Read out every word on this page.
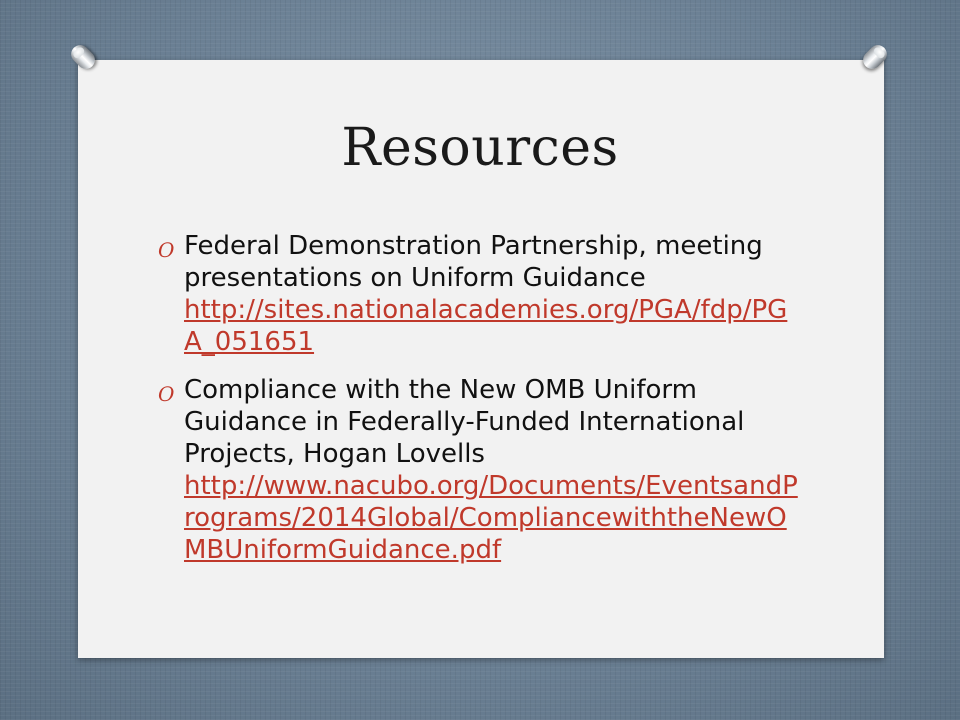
Resources
O Federal Demonstration Partnership, meeting presentations on Uniform Guidance
http://sites.nationalacademies.org/PGA/fdp/PGA_051651
O Compliance with the New OMB Uniform Guidance in Federally-Funded International Projects, Hogan Lovells
http://www.nacubo.org/Documents/EventsandPrograms/2014Global/CompliancewiththeNewOMBUniformGuidance.pdf
